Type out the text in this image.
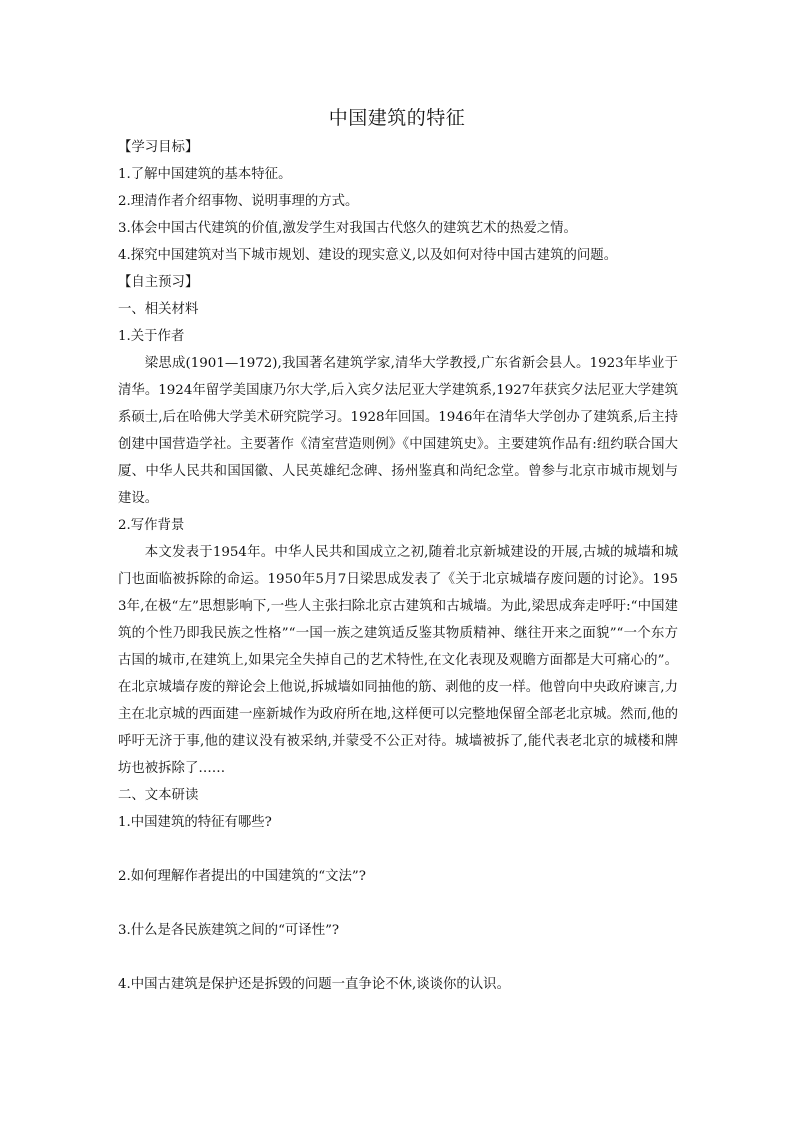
中国建筑的特征
【学习目标】
1.了解中国建筑的基本特征。
2.理清作者介绍事物、说明事理的方式。
3.体会中国古代建筑的价值,激发学生对我国古代悠久的建筑艺术的热爱之情。
4.探究中国建筑对当下城市规划、建设的现实意义,以及如何对待中国古建筑的问题。
【自主预习】
一、相关材料
1.关于作者
梁思成(1901—1972),我国著名建筑学家,清华大学教授,广东省新会县人。1923年毕业于清华。1924年留学美国康乃尔大学,后入宾夕法尼亚大学建筑系,1927年获宾夕法尼亚大学建筑系硕士,后在哈佛大学美术研究院学习。1928年回国。1946年在清华大学创办了建筑系,后主持创建中国营造学社。主要著作《清室营造则例》《中国建筑史》。主要建筑作品有:纽约联合国大厦、中华人民共和国国徽、人民英雄纪念碑、扬州鉴真和尚纪念堂。曾参与北京市城市规划与建设。
2.写作背景
本文发表于1954年。中华人民共和国成立之初,随着北京新城建设的开展,古城的城墙和城门也面临被拆除的命运。1950年5月7日梁思成发表了《关于北京城墙存废问题的讨论》。1953年,在极“左”思想影响下,一些人主张扫除北京古建筑和古城墙。为此,梁思成奔走呼吁:“中国建筑的个性乃即我民族之性格”“一国一族之建筑适反鉴其物质精神、继往开来之面貌”“一个东方古国的城市,在建筑上,如果完全失掉自己的艺术特性,在文化表现及观瞻方面都是大可痛心的”。在北京城墙存废的辩论会上他说,拆城墙如同抽他的筋、剥他的皮一样。他曾向中央政府谏言,力主在北京城的西面建一座新城作为政府所在地,这样便可以完整地保留全部老北京城。然而,他的呼吁无济于事,他的建议没有被采纳,并蒙受不公正对待。城墙被拆了,能代表老北京的城楼和牌坊也被拆除了……
二、文本研读
1.中国建筑的特征有哪些?
2.如何理解作者提出的中国建筑的“文法”?
3.什么是各民族建筑之间的“可译性”?
4.中国古建筑是保护还是拆毁的问题一直争论不休,谈谈你的认识。
